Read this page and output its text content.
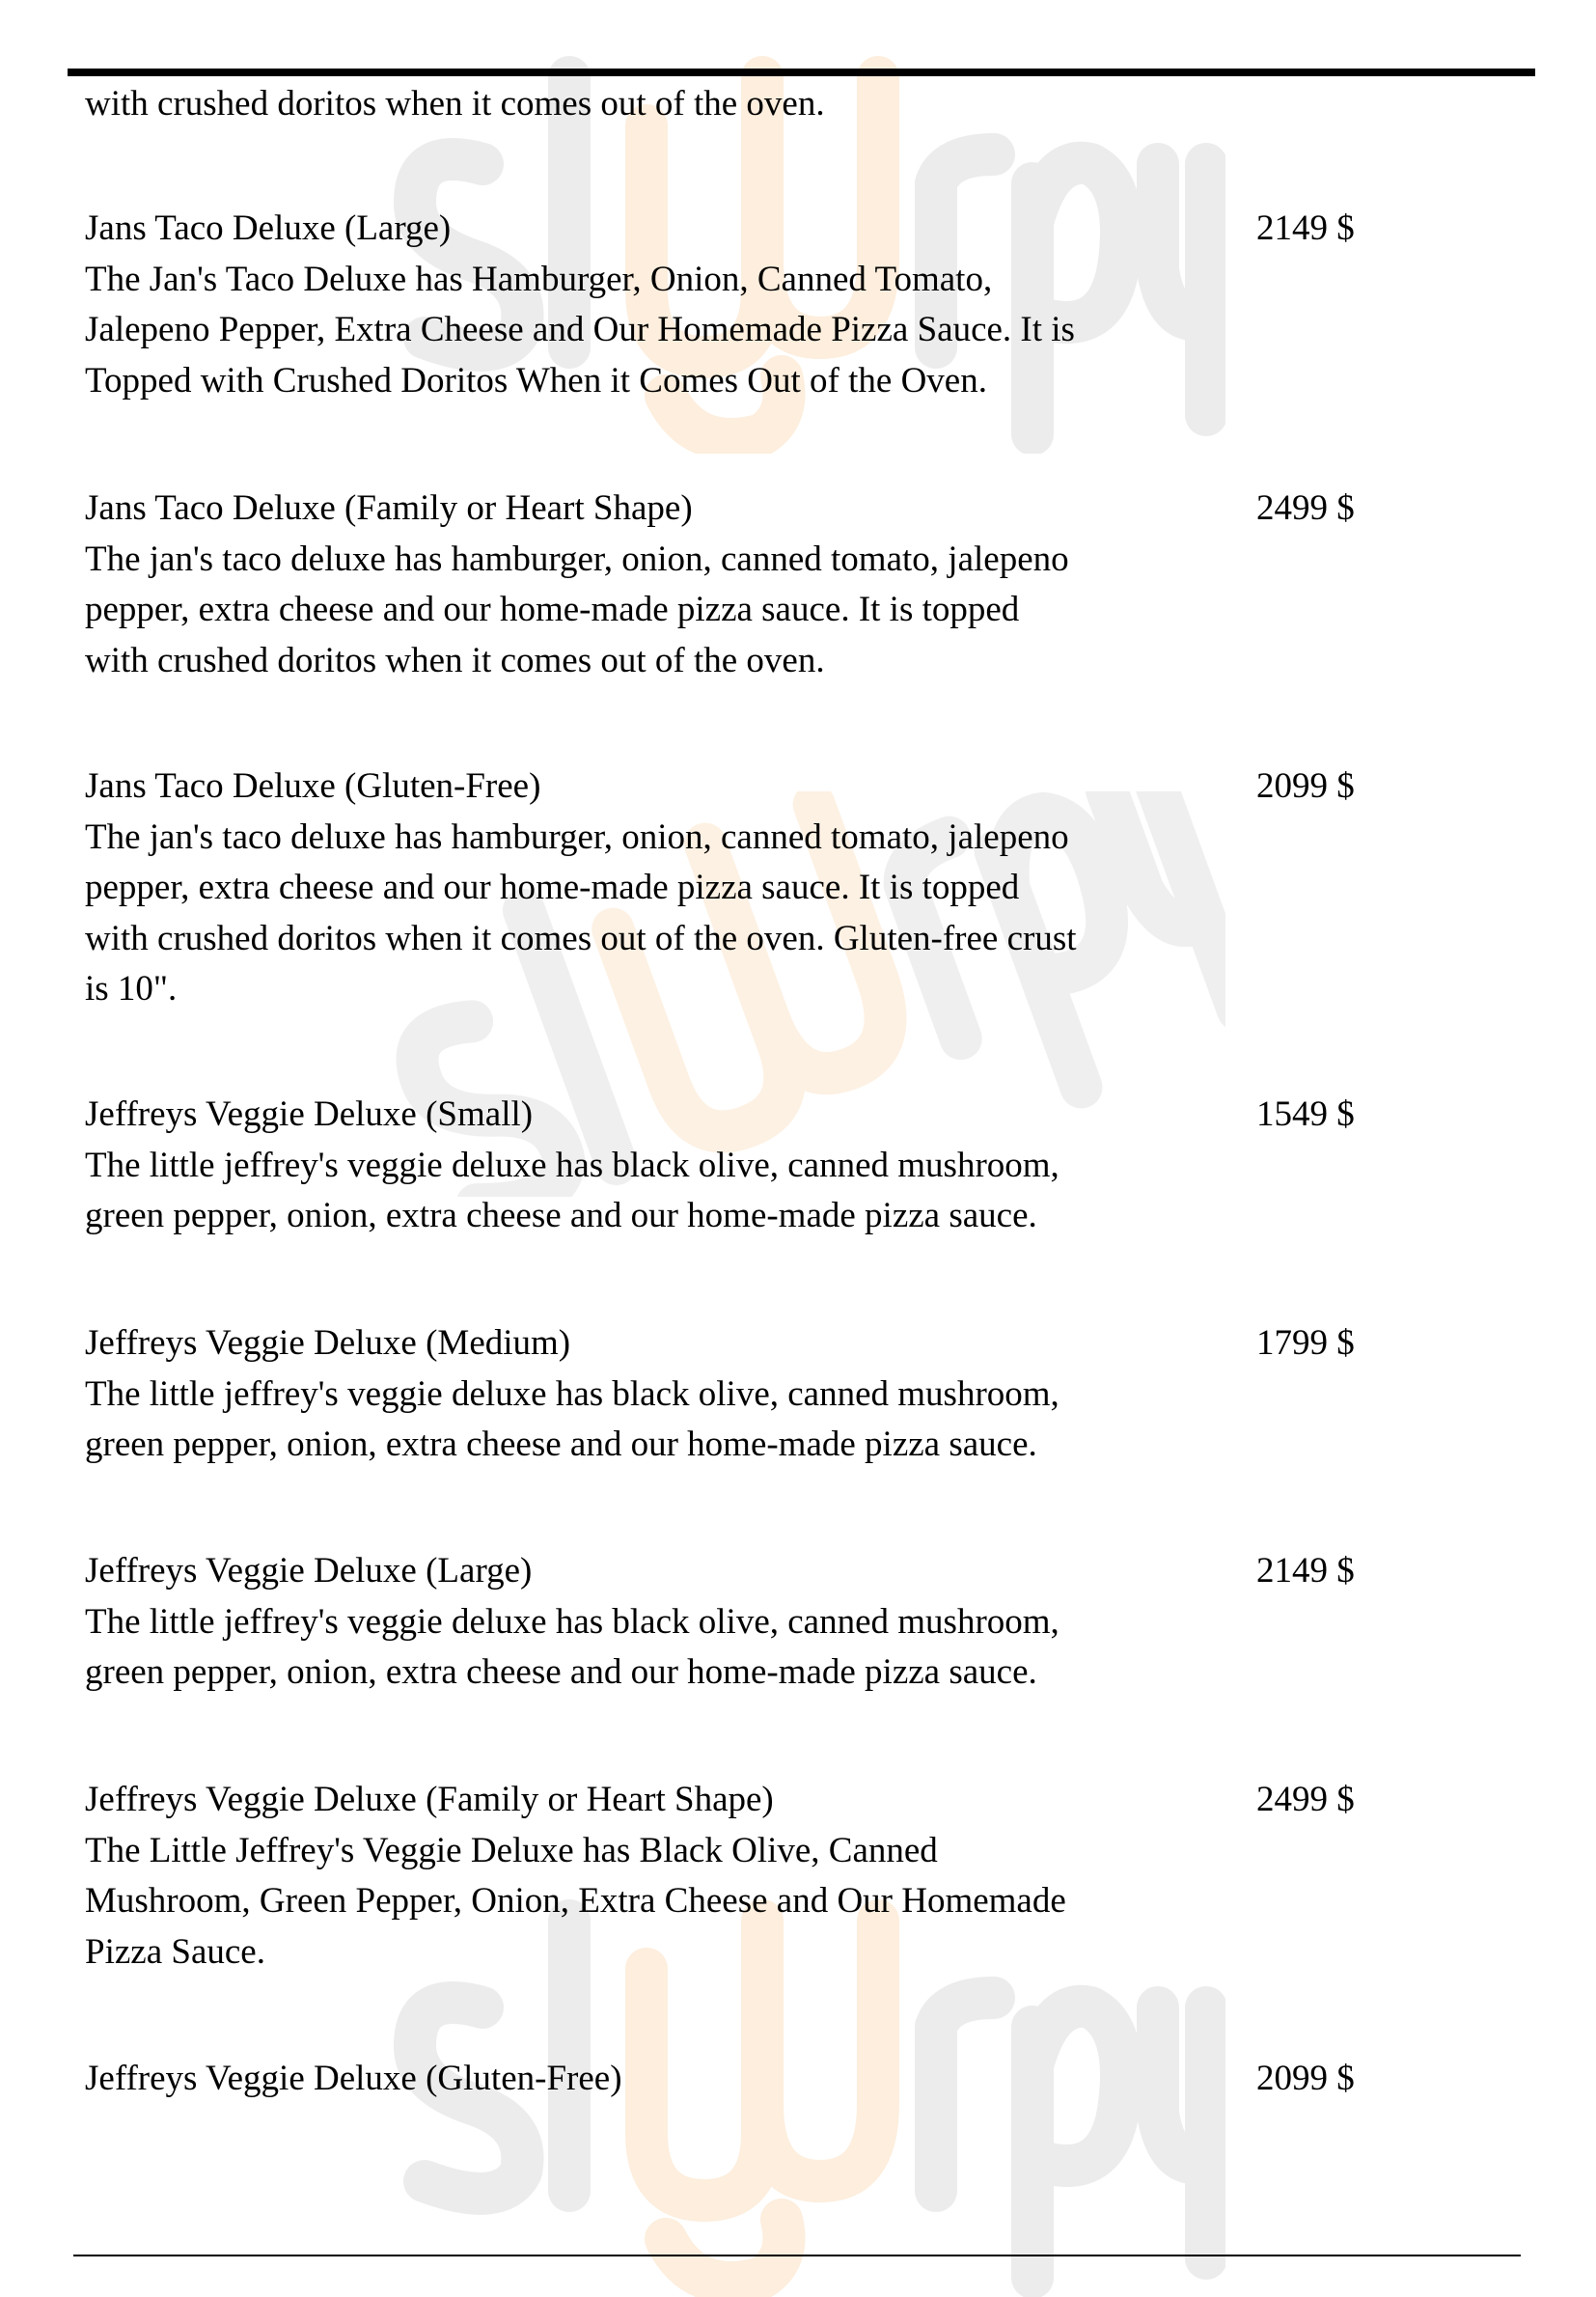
with crushed doritos when it comes out of the oven.
Jans Taco Deluxe (Large)	2149 $
The Jan's Taco Deluxe has Hamburger, Onion, Canned Tomato,
Jalepeno Pepper, Extra Cheese and Our Homemade Pizza Sauce. It is
Topped with Crushed Doritos When it Comes Out of the Oven.
Jans Taco Deluxe (Family or Heart Shape)	2499 $
The jan's taco deluxe has hamburger, onion, canned tomato, jalepeno
pepper, extra cheese and our home-made pizza sauce. It is topped
with crushed doritos when it comes out of the oven.
Jans Taco Deluxe (Gluten-Free)	2099 $
The jan's taco deluxe has hamburger, onion, canned tomato, jalepeno
pepper, extra cheese and our home-made pizza sauce. It is topped
with crushed doritos when it comes out of the oven. Gluten-free crust
is 10".
Jeffreys Veggie Deluxe (Small)	1549 $
The little jeffrey's veggie deluxe has black olive, canned mushroom,
green pepper, onion, extra cheese and our home-made pizza sauce.
Jeffreys Veggie Deluxe (Medium)	1799 $
The little jeffrey's veggie deluxe has black olive, canned mushroom,
green pepper, onion, extra cheese and our home-made pizza sauce.
Jeffreys Veggie Deluxe (Large)	2149 $
The little jeffrey's veggie deluxe has black olive, canned mushroom,
green pepper, onion, extra cheese and our home-made pizza sauce.
Jeffreys Veggie Deluxe (Family or Heart Shape)	2499 $
The Little Jeffrey's Veggie Deluxe has Black Olive, Canned
Mushroom, Green Pepper, Onion, Extra Cheese and Our Homemade
Pizza Sauce.
Jeffreys Veggie Deluxe (Gluten-Free)	2099 $
